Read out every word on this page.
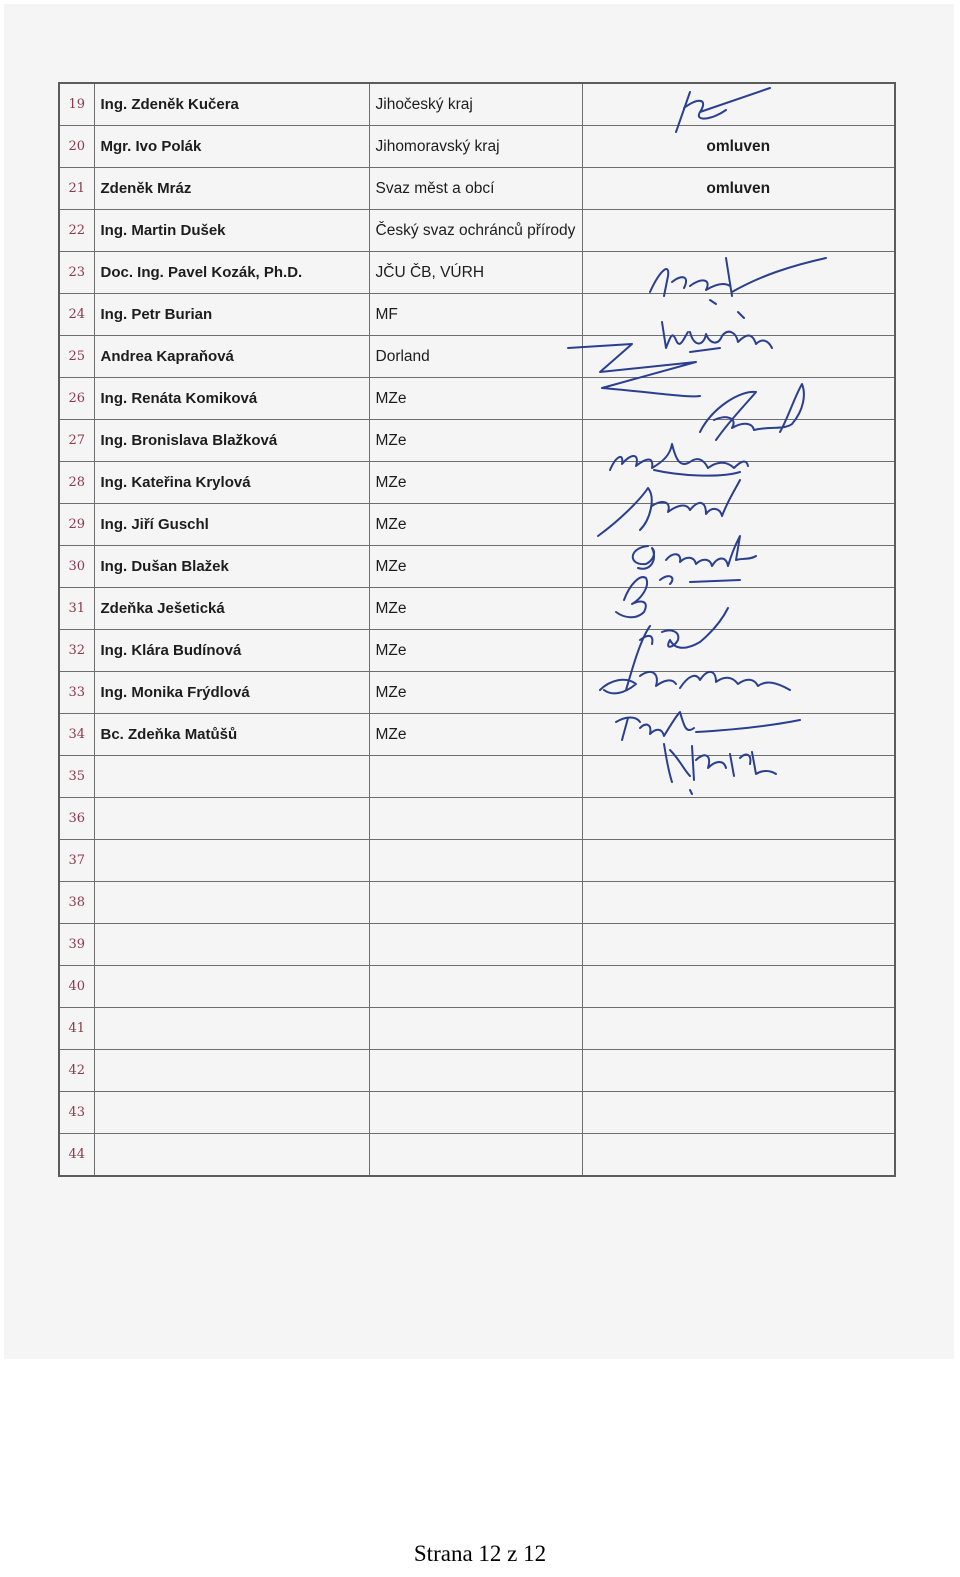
19	Ing. Zdeněk Kučera	Jihočeský kraj	
20	Mgr. Ivo Polák	Jihomoravský kraj	omluven
21	Zdeněk Mráz	Svaz měst a obcí	omluven
22	Ing. Martin Dušek	Český svaz ochránců přírody	
23	Doc. Ing. Pavel Kozák, Ph.D.	JČU ČB, VÚRH	
24	Ing. Petr Burian	MF	
25	Andrea Kapraňová	Dorland	
26	Ing. Renáta Komiková	MZe	
27	Ing. Bronislava Blažková	MZe	
28	Ing. Kateřina Krylová	MZe	
29	Ing. Jiří Guschl	MZe	
30	Ing. Dušan Blažek	MZe	
31	Zdeňka Ješetická	MZe	
32	Ing. Klára Budínová	MZe	
33	Ing. Monika Frýdlová	MZe	
34	Bc. Zdeňka Matůšů	MZe	
35			
36			
37			
38			
39			
40			
41			
42			
43			
44			
Strana 12 z 12
